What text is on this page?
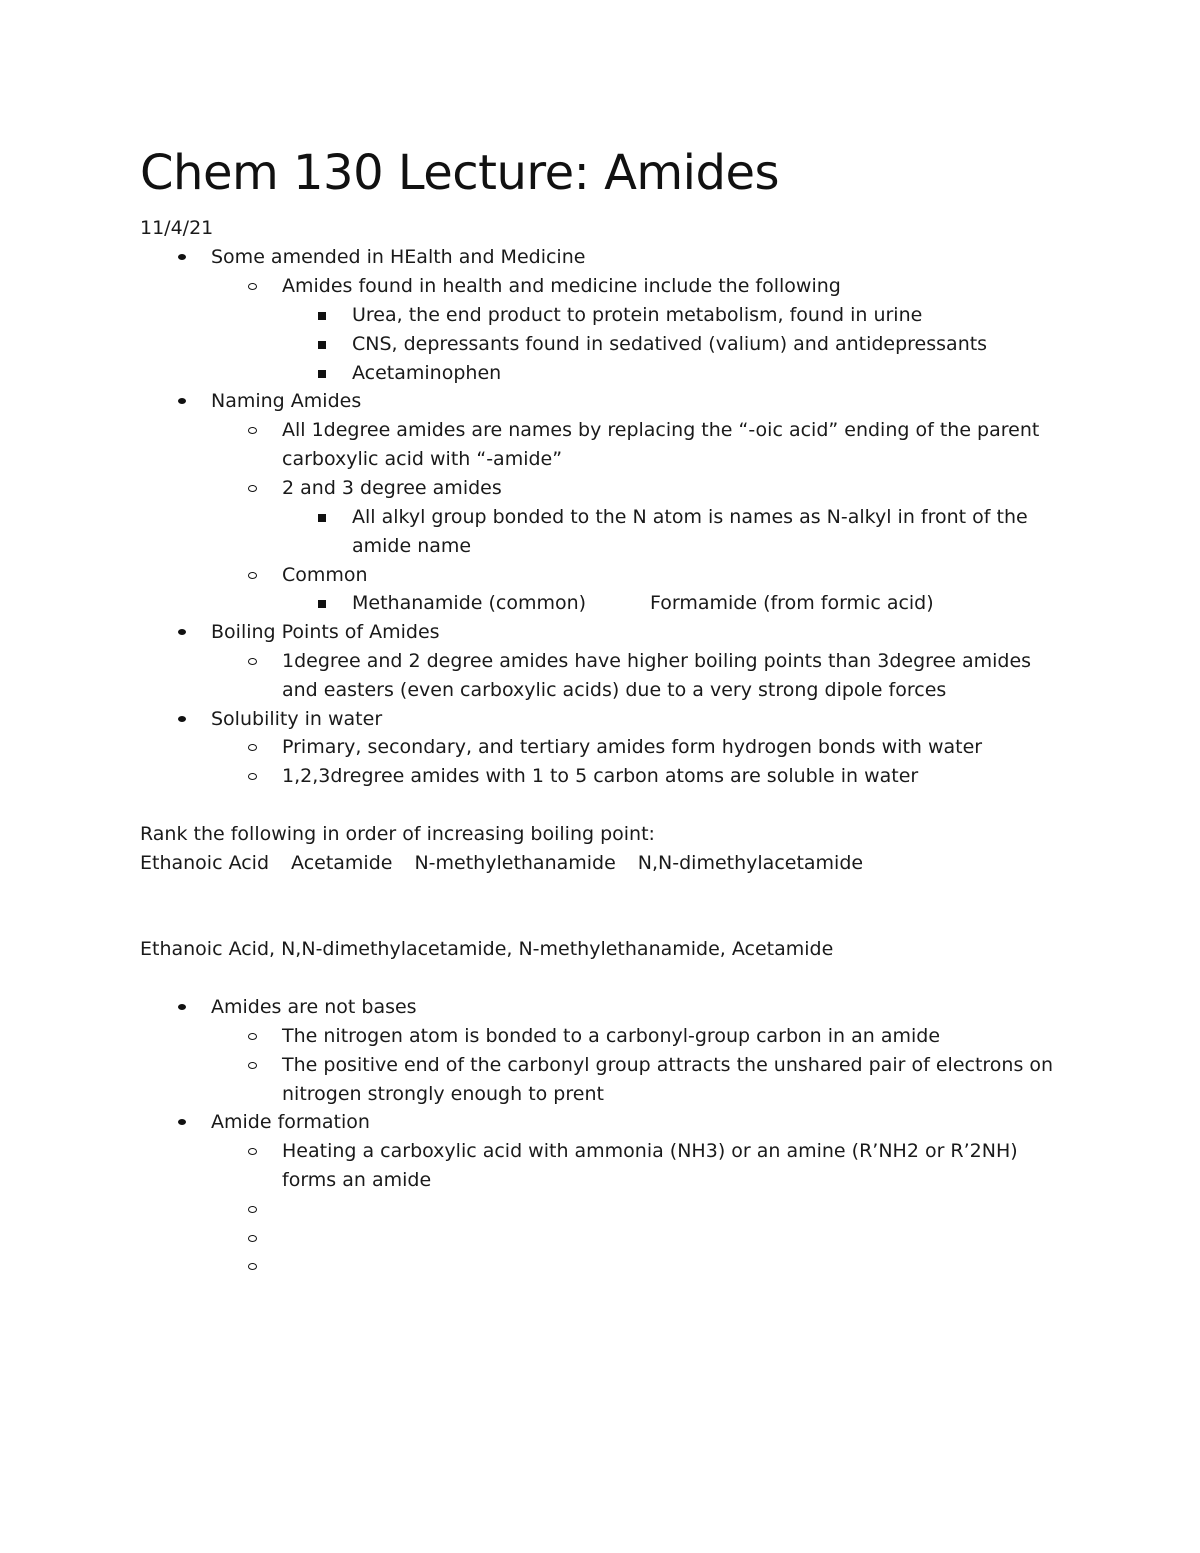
Chem 130 Lecture: Amides
11/4/21
Some amended in HEalth and Medicine
Amides found in health and medicine include the following
Urea, the end product to protein metabolism, found in urine
CNS, depressants found in sedatived (valium) and antidepressants
Acetaminophen
Naming Amides
All 1degree amides are names by replacing the “-oic acid” ending of the parent carboxylic acid with “-amide”
2 and 3 degree amides
All alkyl group bonded to the N atom is names as N-alkyl in front of the amide name
Common
Methanamide (common)	Formamide (from formic acid)
Boiling Points of Amides
1degree and 2 degree amides have higher boiling points than 3degree amides and easters (even carboxylic acids) due to a very strong dipole forces
Solubility in water
Primary, secondary, and tertiary amides form hydrogen bonds with water
1,2,3dregree amides with 1 to 5 carbon atoms are soluble in water
Rank the following in order of increasing boiling point:
Ethanoic Acid Acetamide N-methylethanamide N,N-dimethylacetamide
Ethanoic Acid, N,N-dimethylacetamide, N-methylethanamide, Acetamide
Amides are not bases
The nitrogen atom is bonded to a carbonyl-group carbon in an amide
The positive end of the carbonyl group attracts the unshared pair of electrons on nitrogen strongly enough to prent
Amide formation
Heating a carboxylic acid with ammonia (NH3) or an amine (R’NH2 or R’2NH) forms an amide
